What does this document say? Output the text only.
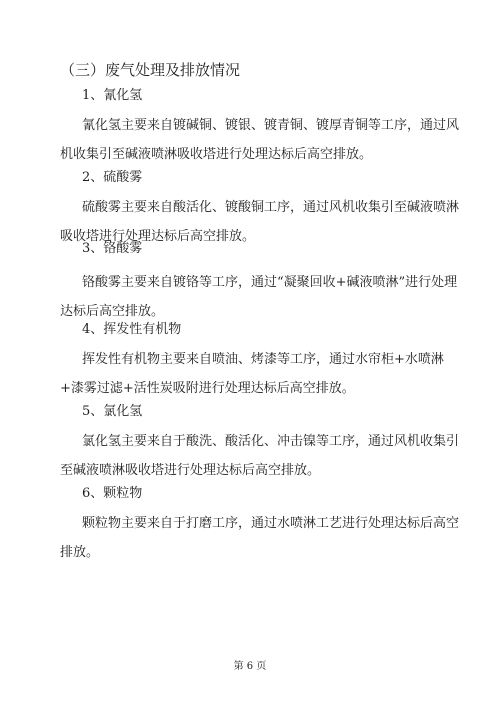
（三）废气处理及排放情况
1、氰化氢

氰化氢主要来自镀碱铜、镀银、镀青铜、镀厚青铜等工序，通过风机收集引至碱液喷淋吸收塔进行处理达标后高空排放。

2、硫酸雾

硫酸雾主要来自酸活化、镀酸铜工序，通过风机收集引至碱液喷淋吸收塔进行处理达标后高空排放。

3、铬酸雾

铬酸雾主要来自镀铬等工序，通过“凝聚回收+碱液喷淋”进行处理达标后高空排放。

4、挥发性有机物

挥发性有机物主要来自喷油、烤漆等工序，通过水帘柜+水喷淋+漆雾过滤+活性炭吸附进行处理达标后高空排放。

5、氯化氢

氯化氢主要来自于酸洗、酸活化、冲击镍等工序，通过风机收集引至碱液喷淋吸收塔进行处理达标后高空排放。

6、颗粒物

颗粒物主要来自于打磨工序，通过水喷淋工艺进行处理达标后高空排放。

第 6 页
